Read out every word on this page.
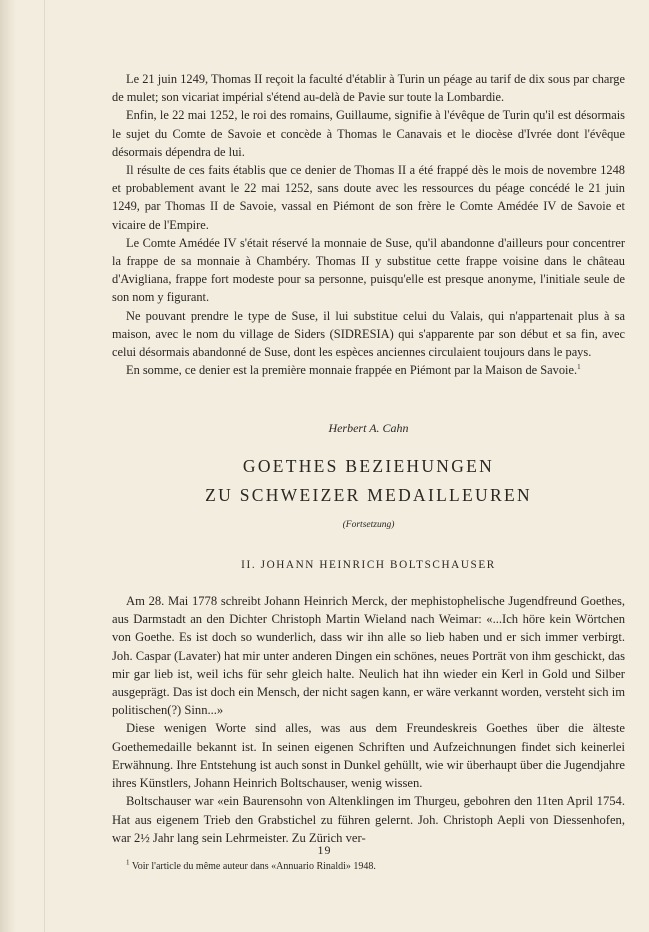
Le 21 juin 1249, Thomas II reçoit la faculté d'établir à Turin un péage au tarif de dix sous par charge de mulet; son vicariat impérial s'étend au-delà de Pavie sur toute la Lombardie.

Enfin, le 22 mai 1252, le roi des romains, Guillaume, signifie à l'évêque de Turin qu'il est désormais le sujet du Comte de Savoie et concède à Thomas le Canavais et le diocèse d'Ivrée dont l'évêque désormais dépendra de lui.

Il résulte de ces faits établis que ce denier de Thomas II a été frappé dès le mois de novembre 1248 et probablement avant le 22 mai 1252, sans doute avec les ressources du péage concédé le 21 juin 1249, par Thomas II de Savoie, vassal en Piémont de son frère le Comte Amédée IV de Savoie et vicaire de l'Empire.

Le Comte Amédée IV s'était réservé la monnaie de Suse, qu'il abandonne d'ailleurs pour concentrer la frappe de sa monnaie à Chambéry. Thomas II y substitue cette frappe voisine dans le château d'Avigliana, frappe fort modeste pour sa personne, puisqu'elle est presque anonyme, l'initiale seule de son nom y figurant.

Ne pouvant prendre le type de Suse, il lui substitue celui du Valais, qui n'appartenait plus à sa maison, avec le nom du village de Siders (SIDRESIA) qui s'apparente par son début et sa fin, avec celui désormais abandonné de Suse, dont les espèces anciennes circulaient toujours dans le pays.

En somme, ce denier est la première monnaie frappée en Piémont par la Maison de Savoie.$^1$

Herbert A. Cahn

GOETHES BEZIEHUNGEN

ZU SCHWEIZER MEDAILLEUREN

(Fortsetzung)

II. JOHANN HEINRICH BOLTSCHAUSER

Am 28. Mai 1778 schreibt Johann Heinrich Merck, der mephistophelische Jugendfreund Goethes, aus Darmstadt an den Dichter Christoph Martin Wieland nach Weimar: «...Ich höre kein Wörtchen von Goethe. Es ist doch so wunderlich, dass wir ihn alle so lieb haben und er sich immer verbirgt. Joh. Caspar (Lavater) hat mir unter anderen Dingen ein schönes, neues Porträt von ihm geschickt, das mir gar lieb ist, weil ichs für sehr gleich halte. Neulich hat ihn wieder ein Kerl in Gold und Silber ausgeprägt. Das ist doch ein Mensch, der nicht sagen kann, er wäre verkannt worden, versteht sich im politischen(?) Sinn...»

Diese wenigen Worte sind alles, was aus dem Freundeskreis Goethes über die älteste Goethemedaille bekannt ist. In seinen eigenen Schriften und Aufzeichnungen findet sich keinerlei Erwähnung. Ihre Entstehung ist auch sonst in Dunkel gehüllt, wie wir überhaupt über die Jugendjahre ihres Künstlers, Johann Heinrich Boltschauser, wenig wissen.

Boltschauser war «ein Baurensohn von Altenklingen im Thurgeu, gebohren den 11ten April 1754. Hat aus eigenem Trieb den Grabstichel zu führen gelernt. Joh. Christoph Aepli von Diessenhofen, war 2½ Jahr lang sein Lehrmeister. Zu Zürich ver-

$^1$ Voir l'article du même auteur dans «Annuario Rinaldi» 1948.

19
